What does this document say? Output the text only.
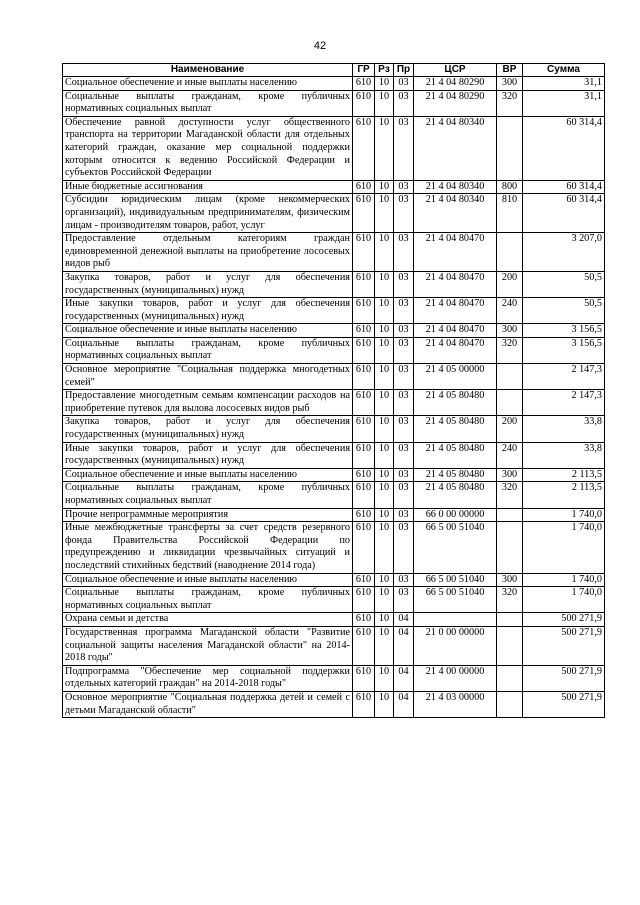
42
Наименование	ГР	Рз	Пр	ЦСР	ВР	Сумма
Социальное обеспечение и иные выплаты населению	610	10	03	21 4 04 80290	300	31,1
Социальные выплаты гражданам, кроме публичных нормативных социальных выплат	610	10	03	21 4 04 80290	320	31,1
Обеспечение равной доступности услуг общественного транспорта на территории Магаданской области для отдельных категорий граждан, оказание мер социальной поддержки которым относится к ведению Российской Федерации и субъектов Российской Федерации	610	10	03	21 4 04 80340		60 314,4
Иные бюджетные ассигнования	610	10	03	21 4 04 80340	800	60 314,4
Субсидии юридическим лицам (кроме некоммерческих организаций), индивидуальным предпринимателям, физическим лицам - производителям товаров, работ, услуг	610	10	03	21 4 04 80340	810	60 314,4
Предоставление отдельным категориям граждан единовременной денежной выплаты на приобретение лососевых видов рыб	610	10	03	21 4 04 80470		3 207,0
Закупка товаров, работ и услуг для обеспечения государственных (муниципальных) нужд	610	10	03	21 4 04 80470	200	50,5
Иные закупки товаров, работ и услуг для обеспечения государственных (муниципальных) нужд	610	10	03	21 4 04 80470	240	50,5
Социальное обеспечение и иные выплаты населению	610	10	03	21 4 04 80470	300	3 156,5
Социальные выплаты гражданам, кроме публичных нормативных социальных выплат	610	10	03	21 4 04 80470	320	3 156,5
Основное мероприятие "Социальная поддержка многодетных семей"	610	10	03	21 4 05 00000		2 147,3
Предоставление многодетным семьям компенсации расходов на приобретение путевок для вылова лососевых видов рыб	610	10	03	21 4 05 80480		2 147,3
Закупка товаров, работ и услуг для обеспечения государственных (муниципальных) нужд	610	10	03	21 4 05 80480	200	33,8
Иные закупки товаров, работ и услуг для обеспечения государственных (муниципальных) нужд	610	10	03	21 4 05 80480	240	33,8
Социальное обеспечение и иные выплаты населению	610	10	03	21 4 05 80480	300	2 113,5
Социальные выплаты гражданам, кроме публичных нормативных социальных выплат	610	10	03	21 4 05 80480	320	2 113,5
Прочие непрограммные мероприятия	610	10	03	66 0 00 00000		1 740,0
Иные межбюджетные трансферты за счет средств резервного фонда Правительства Российской Федерации по предупреждению и ликвидации чрезвычайных ситуаций и последствий стихийных бедствий (наводнение 2014 года)	610	10	03	66 5 00 51040		1 740,0
Социальное обеспечение и иные выплаты населению	610	10	03	66 5 00 51040	300	1 740,0
Социальные выплаты гражданам, кроме публичных нормативных социальных выплат	610	10	03	66 5 00 51040	320	1 740,0
Охрана семьи и детства	610	10	04			500 271,9
Государственная программа Магаданской области "Развитие социальной защиты населения Магаданской области" на 2014-2018 годы"	610	10	04	21 0 00 00000		500 271,9
Подпрограмма "Обеспечение мер социальной поддержки отдельных категорий граждан" на 2014-2018 годы"	610	10	04	21 4 00 00000		500 271,9
Основное мероприятие "Социальная поддержка детей и семей с детьми Магаданской области"	610	10	04	21 4 03 00000		500 271,9
